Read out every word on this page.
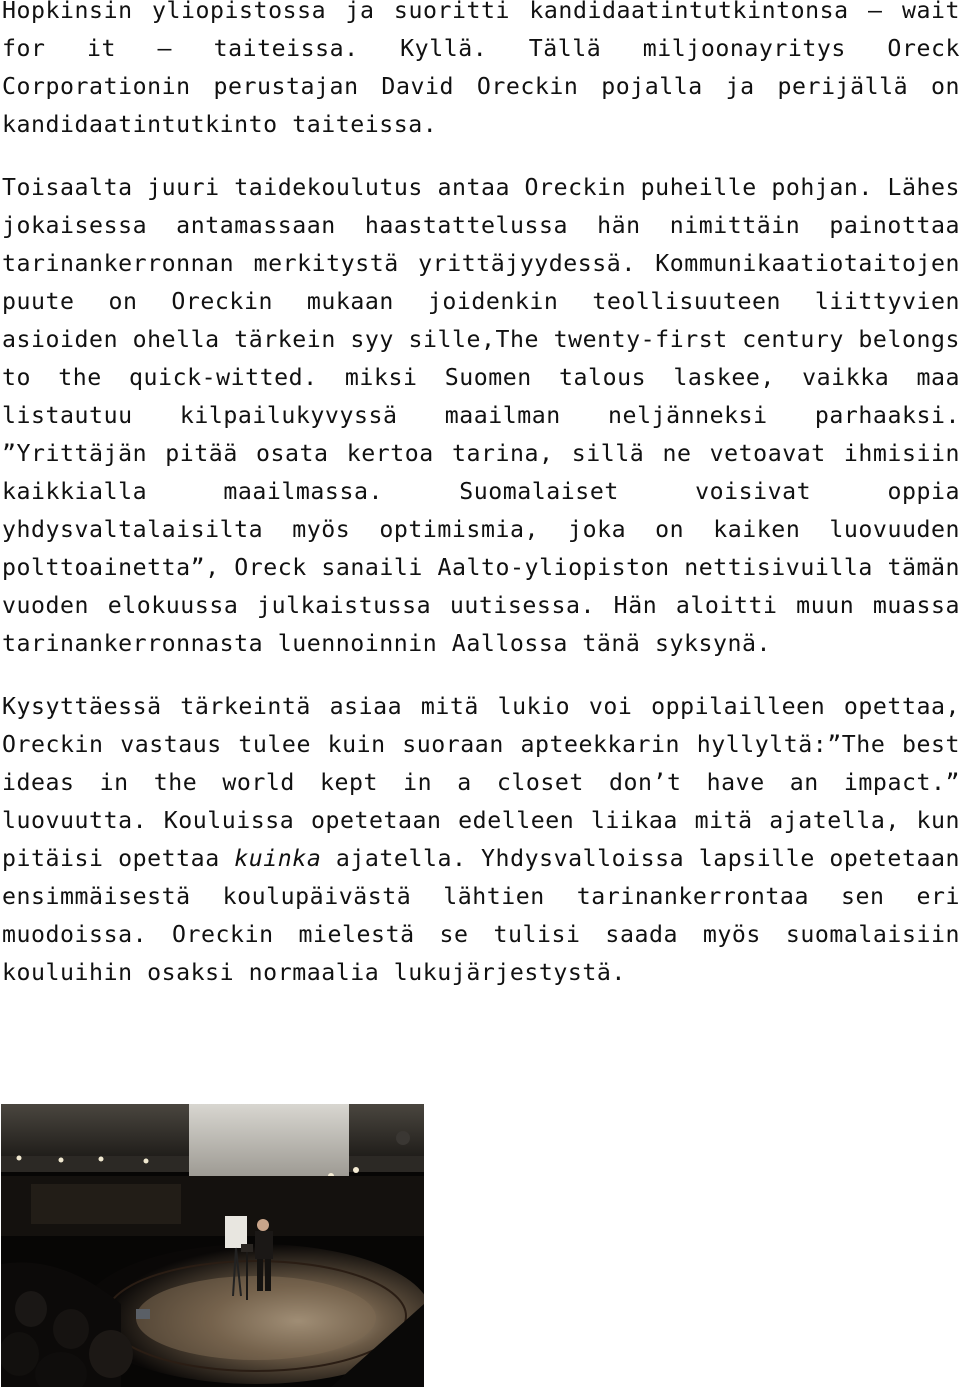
Hopkinsin yliopistossa ja suoritti kandidaatintutkintonsa – wait for it – taiteissa. Kyllä. Tällä miljoonayritys Oreck Corporationin perustajan David Oreckin pojalla ja perijällä on kandidaatintutkinto taiteissa.

Toisaalta juuri taidekoulutus antaa Oreckin puheille pohjan. Lähes jokaisessa antamassaan haastattelussa hän nimittäin painottaa tarinankerronnan merkitystä yrittäjyydessä. Kommunikaatiotaitojen puute on Oreckin mukaan joidenkin teollisuuteen liittyvien asioiden ohella tärkein syy sille,The twenty-first century belongs to the quick-witted. miksi Suomen talous laskee, vaikka maa listautuu kilpailukyvyssä maailman neljänneksi parhaaksi. ”Yrittäjän pitää osata kertoa tarina, sillä ne vetoavat ihmisiin kaikkialla maailmassa. Suomalaiset voisivat oppia yhdysvaltalaisilta myös optimismia, joka on kaiken luovuuden polttoainetta”, Oreck sanaili Aalto-yliopiston nettisivuilla tämän vuoden elokuussa julkaistussa uutisessa. Hän aloitti muun muassa tarinankerronnasta luennoinnin Aallossa tänä syksynä.

Kysyttäessä tärkeintä asiaa mitä lukio voi oppilailleen opettaa, Oreckin vastaus tulee kuin suoraan apteekkarin hyllyltä:”The best ideas in the world kept in a closet don’t have an impact.” luovuutta. Kouluissa opetetaan edelleen liikaa mitä ajatella, kun pitäisi opettaa kuinka ajatella. Yhdysvalloissa lapsille opetetaan ensimmäisestä koulupäivästä lähtien tarinankerrontaa sen eri muodoissa. Oreckin mielestä se tulisi saada myös suomalaisiin kouluihin osaksi normaalia lukujärjestystä.
